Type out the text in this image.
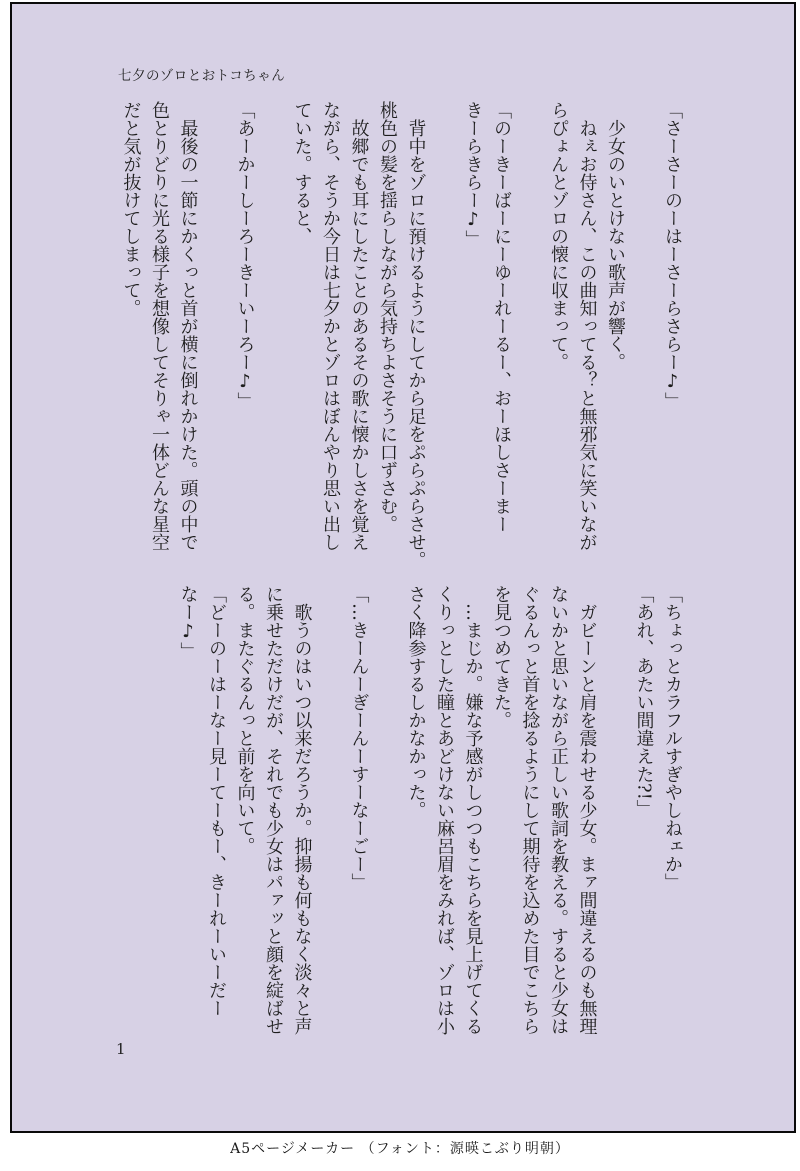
七夕のゾロとおトコちゃん
「さーさーのーはーさーらさらー♪」
　少女のいとけない歌声が響く。
　ねぇお侍さん、この曲知ってる？と無邪気に笑いなが
らぴょんとゾロの懐に収まって。
「のーきーばーにーゆーれーるー、おーほしさーまー
きーらきらー♪」
　背中をゾロに預けるようにしてから足をぷらぷらさせ。
桃色の髪を揺らしながら気持ちよさそうに口ずさむ。
　故郷でも耳にしたことのあるその歌に懐かしさを覚え
ながら、そうか今日は七夕かとゾロはぼんやり思い出し
ていた。すると、
「あーかーしーろーきーいーろー♪」
　最後の一節にかくっと首が横に倒れかけた。頭の中で
色とりどりに光る様子を想像してそりゃ一体どんな星空
だと気が抜けてしまって。
「ちょっとカラフルすぎやしねェか」
「あれ、あたい間違えた?!」
　ガビーンと肩を震わせる少女。まァ間違えるのも無理
ないかと思いながら正しい歌詞を教える。すると少女は
ぐるんっと首を捻るようにして期待を込めた目でこちら
を見つめてきた。
　…まじか。嫌な予感がしつつもこちらを見上げてくる
くりっとした瞳とあどけない麻呂眉をみれば、ゾロは小
さく降参するしかなかった。
「…きーんーぎーんーすーなーごー」
　歌うのはいつ以来だろうか。抑揚も何もなく淡々と声
に乗せただけだが、それでも少女はパァッと顔を綻ばせ
る。またぐるんっと前を向いて。
「どーのーはーなー見ーてーもー、きーれーいーだー
なー♪」
1
A5ページメーカー （フォント：源暎こぶり明朝）
